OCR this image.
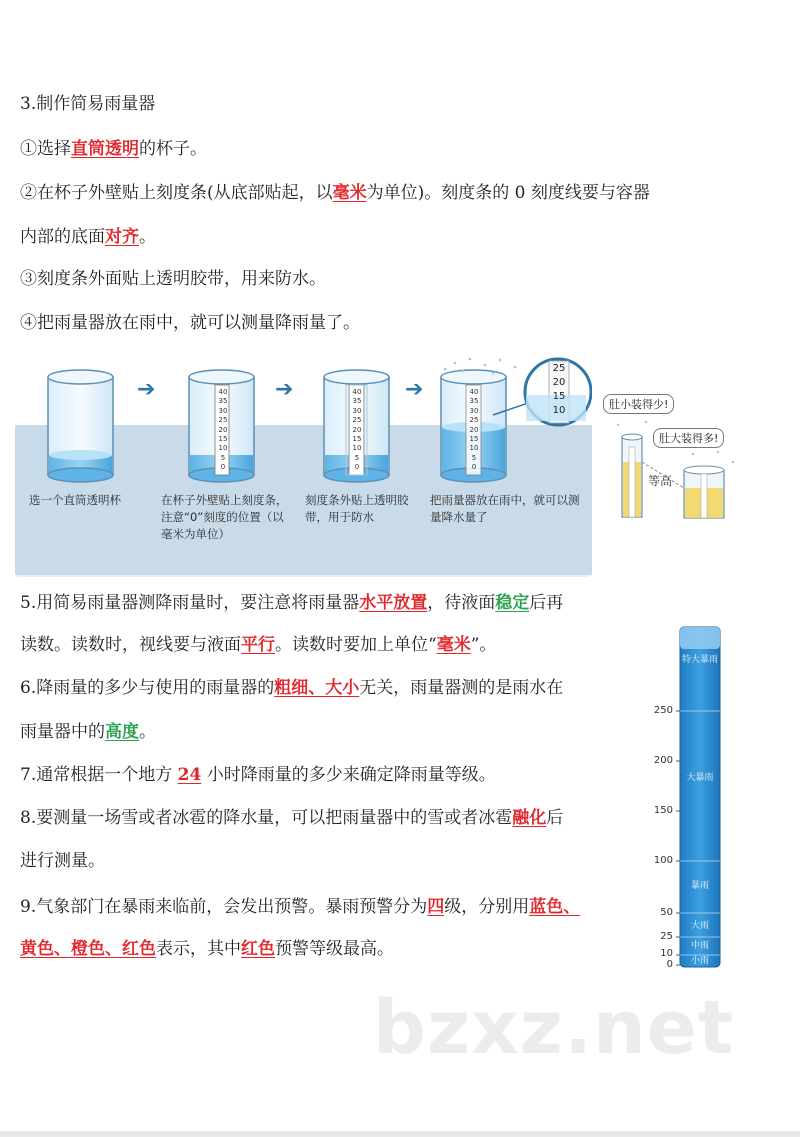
3.制作简易雨量器
①选择直筒透明的杯子。
②在杯子外壁贴上刻度条(从底部贴起，以毫米为单位)。刻度条的 0 刻度线要与容器
内部的底面对齐。
③刻度条外面贴上透明胶带，用来防水。
④把雨量器放在雨中，就可以测量降雨量了。
40
35
30
25
20
15
10
5
0
40
35
30
25
20
15
10
5
0
40
35
30
25
20
15
10
5
0
25
20
15
10
➔	➔	➔
选一个直筒透明杯	在杯子外壁贴上刻度条，注意“0”刻度的位置（以毫米为单位）
刻度条外贴上透明胶带，用于防水
把雨量器放在雨中，就可以测量降水量了
肚小装得少!
肚大装得多!
等高
5.用简易雨量器测降雨量时，要注意将雨量器水平放置，待液面稳定后再
读数。读数时，视线要与液面平行。读数时要加上单位“毫米”。
6.降雨量的多少与使用的雨量器的粗细、大小无关，雨量器测的是雨水在
雨量器中的高度。
7.通常根据一个地方 24 小时降雨量的多少来确定降雨量等级。
8.要测量一场雪或者冰雹的降水量，可以把雨量器中的雪或者冰雹融化后
进行测量。
9.气象部门在暴雨来临前，会发出预警。暴雨预警分为四级，分别用蓝色、
黄色、橙色、红色表示，其中红色预警等级最高。
250
200
150
100
50
25
10
0
特大暴雨
大暴雨
暴雨
大雨
中雨
小雨
bzxz.net
